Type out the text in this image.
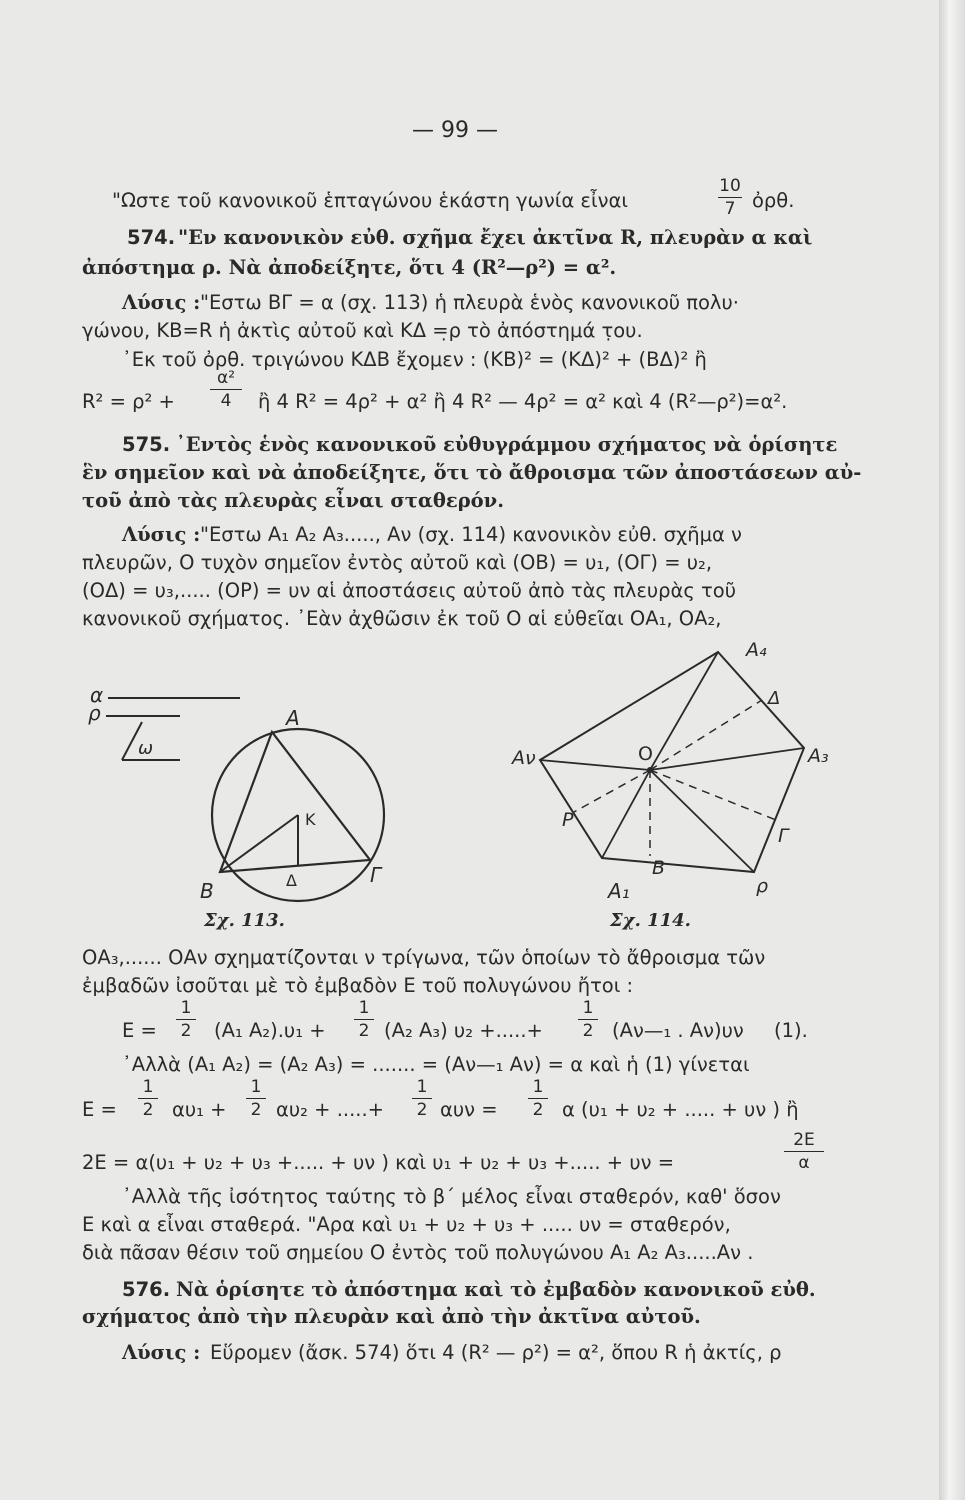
— 99 —
"Ωστε τοῦ κανονικοῦ ἑπταγώνου ἑκάστη γωνία εἶναι
10
7 ὀρθ.
574. "Εν κανονικὸν εὐθ. σχῆμα ἔχει ἀκτῖνα R, πλευρὰν α καὶ
ἀπόστημα ρ. Νὰ ἀποδείξητε, ὅτι 4 (R²—ρ²) = α².
Λύσις : "Εστω ΒΓ = α (σχ. 113) ἡ πλευρὰ ἑνὸς κανονικοῦ πολυ·
γώνου, ΚΒ=R ἡ ἀκτὶς αὐτοῦ καὶ ΚΔ =̣ρ τὸ ἀπόστημά τ̣ου.
᾿Εκ τοῦ ὀρθ. τριγώνου ΚΔΒ ἔχομεν : (ΚΒ)² = (ΚΔ)² + (ΒΔ)² ἢ
R² = ρ² +
α²
4	ἢ 4 R² = 4ρ² + α² ἢ 4 R² — 4ρ² = α² καὶ 4 (R²—ρ²)=α².
575. ᾿Εντὸς ἑνὸς κανονικοῦ εὐθυγράμμου σχήματος νὰ ὁρίσητε
ἓν σημεῖον καὶ νὰ ἀποδείξητε, ὅτι τὸ ἄθροισμα τῶν ἀποστάσεων αὐ-
τοῦ ἀπὸ τὰς πλευρὰς εἶναι σταθερόν.
Λύσις : "Εστω Α₁ Α₂ Α₃....., Αν (σχ. 114) κανονικὸν εὐθ. σχῆμα ν
πλευρῶν, Ο τυχὸν σημεῖον ἐντὸς αὐτοῦ καὶ (ΟΒ) = υ₁, (ΟΓ) = υ₂,
(ΟΔ) = υ₃,..... (ΟΡ) = υν αἱ ἀποστάσεις αὐτοῦ ἀπὸ τὰς πλευρὰς τοῦ
κανονικοῦ σχήματος. ᾿Εὰν ἀχθῶσιν ἐκ τοῦ Ο αἱ εὐθεῖαι ΟΑ₁, ΟΑ₂,
α
ρ
ω
A
K
B	Δ	Γ
Σχ. 113.
A₄
Δ
A₃
O
Aν
P
Γ
B
ρ
A₁
Σχ. 114.
ΟΑ₃,...... ΟΑν σχηματίζονται ν τρίγωνα, τῶν ὁποίων τὸ ἄθροισμα τῶν
ἐμβαδῶν ἰσοῦται μὲ τὸ ἐμβαδὸν Ε τοῦ πολυγώνου ἤτοι :
Ε =
1
2 (Α₁ Α₂).υ₁ +
1
2 (Α₂ Α₃) υ₂ +.....+
1
2 (Αν—₁ . Αν)υν (1).
᾿Αλλὰ (Α₁ Α₂) = (Α₂ Α₃) = ....... = (Αν—₁ Αν) = α καὶ ἡ (1) γίνεται
Ε =
1
2 αυ₁ +
1
2 αυ₂ + .....+
1
2 αυν =
1
2 α (υ₁ + υ₂ + ..... + υν ) ἢ
2Ε = α(υ₁ + υ₂ + υ₃ +..... + υν ) καὶ υ₁ + υ₂ + υ₃ +..... + υν =
2Ε
α
᾿Αλλὰ τῆς ἰσότητος ταύτης τὸ β΄ μέλος εἶναι σταθερόν, καθ' ὅσον
Ε καὶ α εἶναι σταθερά. "Αρα καὶ υ₁ + υ₂ + υ₃ + ..... υν = σταθερόν,
διὰ πᾶσαν θέσιν τοῦ σημείου Ο ἐντὸς τοῦ πολυγώνου Α₁ Α₂ Α₃.....Αν .
576. Νὰ ὁρίσητε τὸ ἀπόστημα καὶ τὸ ἐμβαδὸν κανονικοῦ εὐθ.
σχήματος ἀπὸ τὴν πλευρὰν καὶ ἀπὸ τὴν ἀκτῖνα αὐτοῦ.
Λύσις : Εὕρομεν (ἄσκ. 574) ὅτι 4 (R² — ρ²) = α², ὅπου R ἡ ἀκτίς, ρ
